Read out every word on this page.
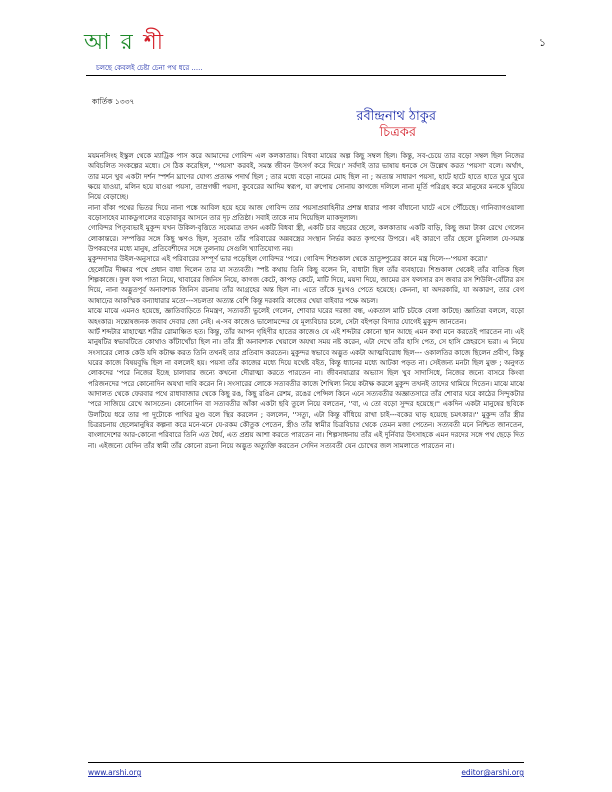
১
আ র শী
চলছে কেবলই চেষ্টা চেনা পথ ধরে .....
কার্তিক ১৩৩৭
রবীন্দ্রনাথ ঠাকুর
চিত্রকর

ময়মনসিংহ ইস্কুল থেকে ম্যাট্রিক পাস করে আমাদের গোবিন্দ এল কলকাতায়। বিধবা মায়ের অল্প কিছু সম্বল ছিল। কিন্তু, সব-চেয়ে তার বড়ো সম্বল ছিল নিজের অবিচলিত সংকল্পের মধ্যে। সে ঠিক করেছিল, ''পয়সা' করবই, সমস্ত জীবন উৎসর্গ করে দিয়ে।' সর্বদাই তার ভাষায় ধনকে সে উল্লেখ করত 'পয়সা' বলে। অর্থাৎ, তার মনে খুব একটা দর্শন স্পর্শন ঘ্রাণের যোগ্য প্রত্যক্ষ পদার্থ ছিল ; তার মধ্যে বড়ো নামের মোহ ছিল না ; অত্যন্ত সাধারণ পয়সা, হাটে হাটে হাতে হাতে ঘুরে ঘুরে ক্ষয়ে যাওয়া, মলিন হয়ে যাওয়া পয়সা, তাম্রগন্ধী পয়সা, কুবেরের আদিম স্বরূপ, যা রুপোয় সোনায় কাগজে দলিলে নানা মূর্তি পরিগ্রহ করে মানুষের মনকে ঘুরিয়ে নিয়ে বেড়াচ্ছে।

নানা বাঁকা পথের ভিতর দিয়ে নানা পঙ্কে আবিল হয়ে হয়ে আজ গোবিন্দ তার পয়সাপ্রবাহিনীর প্রশস্ত ধারার পাকা বাঁধানো ঘাটে এসে পৌঁচেছে। গানিব্যাগওয়ালা বড়োসাহেব ম্যাকডুগালের বড়োবাবুর আসনে তার দৃঢ় প্রতিষ্ঠা। সবাই তাকে নাম দিয়েছিল ম্যাকদুলাল।

গোবিন্দর পিতৃব্যভাই মুকুন্দ যখন উকিল-বৃত্তিতে সবেমাত্র তখন একটি বিধবা স্ত্রী, একটি চার বছরের ছেলে, কলকাতায় একটি বাড়ি, কিছু জমা টাকা রেখে গেলেন লোকান্তরে। সম্পত্তির সঙ্গে কিছু ঋণও ছিল, সুতরাং তাঁর পরিবারের অন্নবস্ত্রের সংস্থান নির্ভর করত কৃপণের উপরে। এই কারণে তাঁর ছেলে চুনিলাল যে-সমস্ত উপকরণের মধ্যে মানুষ, প্রতিবেশীদের সঙ্গে তুলনায় সেগুলি খ্যাতিযোগ্য নয়।

মুকুন্দদাদার উইল-অনুসারে এই পরিবারের সম্পূর্ণ ভার পড়েছিল গোবিন্দর 'পরে। গোবিন্দ শিশুকাল থেকে ভ্রাতুষ্পুত্রের কানে মন্ত্র দিলে---'পয়সা করো।'

ছেলেটির দীক্ষার পথে প্রধান বাধা দিলেন তার মা সত্যবতী। স্পষ্ট কথায় তিনি কিছু বলেন নি, বাধাটা ছিল তাঁর ব্যবহারে। শিশুকাল থেকেই তাঁর বাতিক ছিল শিল্পকাজে। ফুল ফল পাতা নিয়ে, খাবারের জিনিস নিয়ে, কাগজ কেটে, কাপড় কেটে, মাটি দিয়ে, ময়দা দিয়ে, জামের রস ফলসার রস জবার রস শিউলি-বোঁটার রস দিয়ে, নানা অদ্ভুতপূর্ব অনাবশ্যক জিনিস রচনায় তাঁর আগ্রহের অন্ত ছিল না। এতে তাঁকে দুঃখও পেতে হয়েছে। কেননা, যা অদরকারি, যা অকারণ, তার বেগ আষাঢ়ের আকস্মিক বন্যাধারার মতো---সচলতা অত্যন্ত বেশি কিন্তু দরকারি কাজের খেয়া বাইবার পক্ষে অচল।

মাঝে মাঝে এমনও হয়েছে, জ্ঞাতিবাড়িতে নিমন্ত্রণ, সত্যবতী ভুলেই গেলেন, শোবার ঘরের দরজা বন্ধ, একতাল মাটি চটকে বেলা কাটছে। জ্ঞাতিরা বললে, বড়ো অহংকার। সন্তোষজনক জবাব দেবার জো নেই। এ-সব কাজেও ভালোমন্দের যে মূল্যবিচার চলে, সেটা বইপড়া বিদ্যার যোগেই মুকুন্দ জানতেন।

আর্ট শব্দটার মাহাত্ম্যে শরীর রোমাঞ্চিত হত। কিন্তু, তাঁর আপন গৃহিণীর হাতের কাজেও যে এই শব্দটার কোনো স্থান আছে এমন কথা মনে করতেই পারতেন না। এই মানুষটির স্বভাবটিতে কোথাও কাঁটাখোঁচা ছিল না। তাঁর স্ত্রী অনাবশ্যক খেয়ালে অযথা সময় নষ্ট করেন, এটা দেখে তাঁর হাসি পেত, সে হাসি স্নেহরসে ভরা। এ নিয়ে সংসারের লোক কেউ যদি কটাক্ষ করত তিনি তখনই তার প্রতিবাদ করতেন। মুকুন্দর স্বভাবে অদ্ভুত একটা আত্মবিরোধ ছিল--- ওকালতির কাজে ছিলেন প্রবীণ, কিন্তু ঘরের কাজে বিষয়বুদ্ধি ছিল না বললেই হয়। পয়সা তাঁর কাজের মধ্যে দিয়ে যথেষ্ট বইত, কিন্তু ধ্যানের মধ্যে আটকা পড়ত না। সেইজন্য মনটা ছিল মুক্ত ; অনুগত লোকদের 'পরে নিজের ইচ্ছে চালাবার জন্যে কখনো দৌরাত্ম্য করতে পারতেন না। জীবনযাত্রার অভ্যাস ছিল খুব সাদাসিধে, নিজের জন্যে বাসরে কিংবা পরিজনদের 'পরে কোনোদিন অযথা দাবি করেন নি। সংসারের লোকে সত্যবতীর কাজে শৈথিল্য নিয়ে কটাক্ষ করলে মুকুন্দ তখনই তাদের থামিয়ে দিতেন। মাঝে মাঝে আদালত থেকে ফেরবার পথে রাধাবাজার থেকে কিছু রঙ, কিছু রঙিন রেশম, রঙের পেন্সিল কিনে এনে সত্যবতীর অজ্ঞাতসারে তাঁর শোবার ঘরে কাঠের সিন্দুকটার 'পরে সাজিয়ে রেখে আসতেন। কোনোদিন বা সত্যবতীর আঁকা একটা ছবি তুলে নিয়ে বলতেন, ''বা, এ তো বড়ো সুন্দর হয়েছে।'' একদিন একটা মানুষের ছবিকে উলটিয়ে ধরে তার পা দুটোকে পাখির মুণ্ড বলে স্থির করলেন ; বললেন, ''সত্যু, এটা কিন্তু বাঁধিয়ে রাখা চাই---বকের ঘাড় হয়েছে চমৎকার।'' মুকুন্দ তাঁর স্ত্রীর চিত্ররচনায় ছেলেমানুষির কল্পনা করে মনে-মনে যে-রকম কৌতুক পেতেন, স্ত্রীও তাঁর স্বামীর চিত্রবিচার থেকে তেমন মজা পেতেন। সত্যবতী মনে নিশ্চিত জানতেন, বাংলাদেশের আর-কোনো পরিবারে তিনি এত ধৈর্য, এত প্রশ্রয় আশা করতে পারতেন না। শিল্পসাধনায় তাঁর এই দুর্নিবার উৎসাহকে এমন দরদের সঙ্গে পথ ছেড়ে দিত না। এইজন্যে যেদিন তাঁর স্বামী তাঁর কোনো রচনা নিয়ে অদ্ভুত অত্যুক্তি করতেন সেদিন সত্যবতী যেন চোখের জল সামলাতে পারতেন না।

www.arshi.org	editor@arshi.org
